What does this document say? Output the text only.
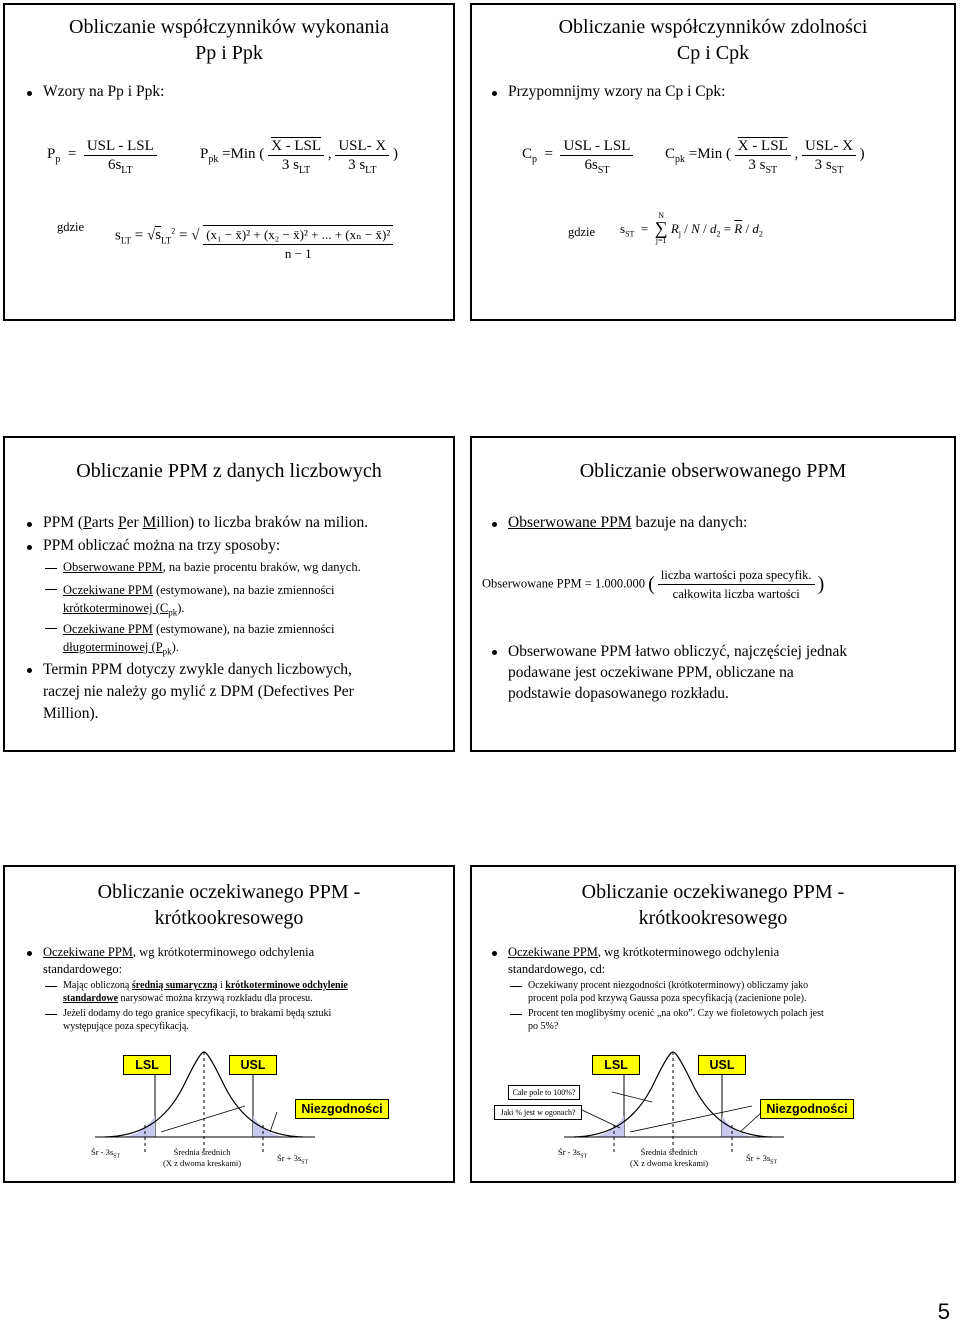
Obliczanie współczynników wykonania
Pp i Ppk
Wzory na Pp i Ppk:
$P_p = \frac{\text{USL - LSL}}{6s_{LT}}$	$P_{pk} =Min$ ( $\frac{\text{X - LSL}}{3 s_{LT}}$ , $\frac{\text{USL- X}}{3 s_{LT}}$ )
gdzie
$s_{LT} = √s_{LT}^2$ = √ $\frac{\text{(x₁ − x̄)² + (x₂ − x̄)² + ... + (xₙ − x̄)²}}{n - 1}$
Obliczanie współczynników zdolności
Cp i Cpk
Przypomnijmy wzory na Cp i Cpk:
$C_p = \frac{\text{USL - LSL}}{6s_{ST}} C_{pk} =Min$ ( $\frac{\text{X - LSL}}{3 s_{ST}}$ , $\frac{\text{USL- X}}{3 s_{ST}}$ )
gdzie $s_{ST}$  =
N
∑
j=1
$R_j / N / d_2 = \overline{R} / d_2$
Obliczanie PPM z danych liczbowych
PPM (Parts Per Million) to liczba braków na milion.
PPM obliczać można na trzy sposoby:
Obserwowane PPM, na bazie procentu braków, wg danych.
Oczekiwane PPM (estymowane), na bazie zmienności
krótkoterminowej $(C_{pk})$.
Oczekiwane PPM (estymowane), na bazie zmienności
długoterminowej $(P_{pk})$.
Termin PPM dotyczy zwykle danych liczbowych,
raczej nie należy go mylić z DPM (Defectives Per
Million).
Obliczanie obserwowanego PPM
Obserwowane PPM bazuje na danych:
Obserwowane PPM = 1.000.000 ( $\frac{\text{liczba wartości poza specyfik.}}{\text{całkowita liczba wartości}}$ )
Obserwowane PPM łatwo obliczyć, najczęściej jednak
podawane jest oczekiwane PPM, obliczane na
podstawie dopasowanego rozkładu.
Obliczanie oczekiwanego PPM -
krótkookresowego
Oczekiwane PPM, wg krótkoterminowego odchylenia
standardowego:
Mając obliczoną średnią sumaryczną i krótkoterminowe odchylenie
standardowe narysować można krzywą rozkładu dla procesu.
Jeżeli dodamy do tego granice specyfikacji, to brakami będą sztuki
występujące poza specyfikacją.
LSL	USL
Niezgodności
Śr - $3s_{ST}$	Średnia średnich
(X z dwoma kreskami)	Śr + $3s_{ST}$
Obliczanie oczekiwanego PPM -
krótkookresowego
Oczekiwane PPM, wg krótkoterminowego odchylenia
standardowego, cd:
Oczekiwany procent niezgodności (krótkoterminowy) obliczamy jako
procent pola pod krzywą Gaussa poza specyfikacją (zacienione pole).
Procent ten moglibyśmy ocenić „na oko”. Czy we fioletowych polach jest
po 5%?
LSL	USL
Niezgodności
Całe pole to 100%?
Jaki % jest w ogonach?
Śr - $3s_{ST}$	Średnia średnich
(X z dwoma kreskami)	Śr + $3s_{ST}$
5
